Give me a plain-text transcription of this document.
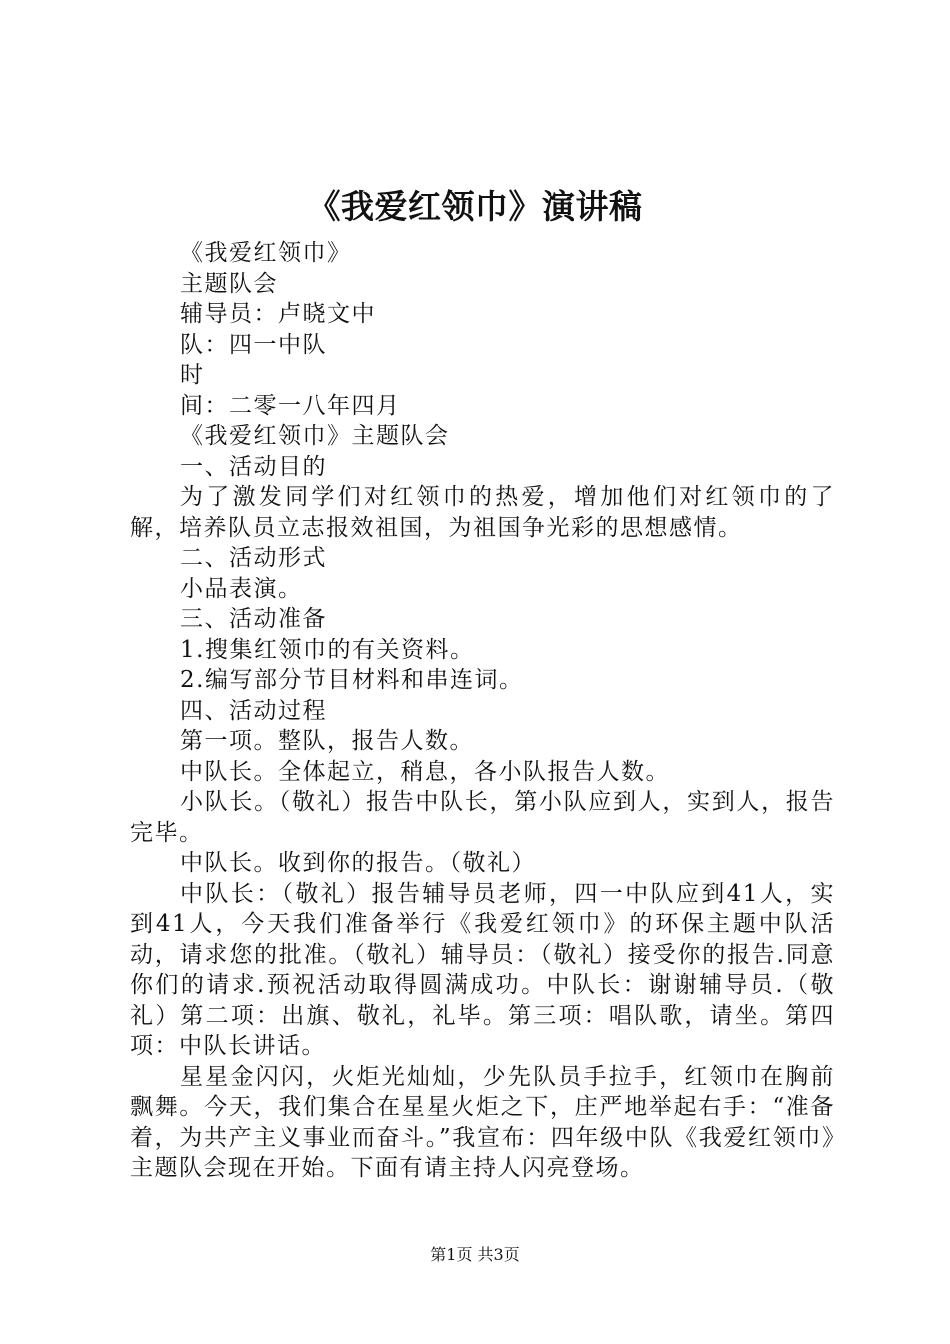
《我爱红领巾》演讲稿

《我爱红领巾》

主题队会

辅导员：卢晓文中

队：四一中队

时

间：二零一八年四月

《我爱红领巾》主题队会

一、活动目的

为了激发同学们对红领巾的热爱，增加他们对红领巾的了解，培养队员立志报效祖国，为祖国争光彩的思想感情。

二、活动形式

小品表演。

三、活动准备

1.搜集红领巾的有关资料。

2.编写部分节目材料和串连词。

四、活动过程

第一项。整队，报告人数。

中队长。全体起立，稍息，各小队报告人数。

小队长。（敬礼）报告中队长，第小队应到人，实到人，报告完毕。

中队长。收到你的报告。（敬礼）

中队长：（敬礼）报告辅导员老师，四一中队应到41人，实到41人，今天我们准备举行《我爱红领巾》的环保主题中队活动，请求您的批准。（敬礼）辅导员：（敬礼）接受你的报告.同意你们的请求.预祝活动取得圆满成功。中队长：谢谢辅导员.（敬礼）第二项：出旗、敬礼，礼毕。第三项：唱队歌，请坐。第四项：中队长讲话。

星星金闪闪，火炬光灿灿，少先队员手拉手，红领巾在胸前飘舞。今天，我们集合在星星火炬之下，庄严地举起右手：“准备着，为共产主义事业而奋斗。”我宣布：四年级中队《我爱红领巾》主题队会现在开始。下面有请主持人闪亮登场。

第1页 共3页
